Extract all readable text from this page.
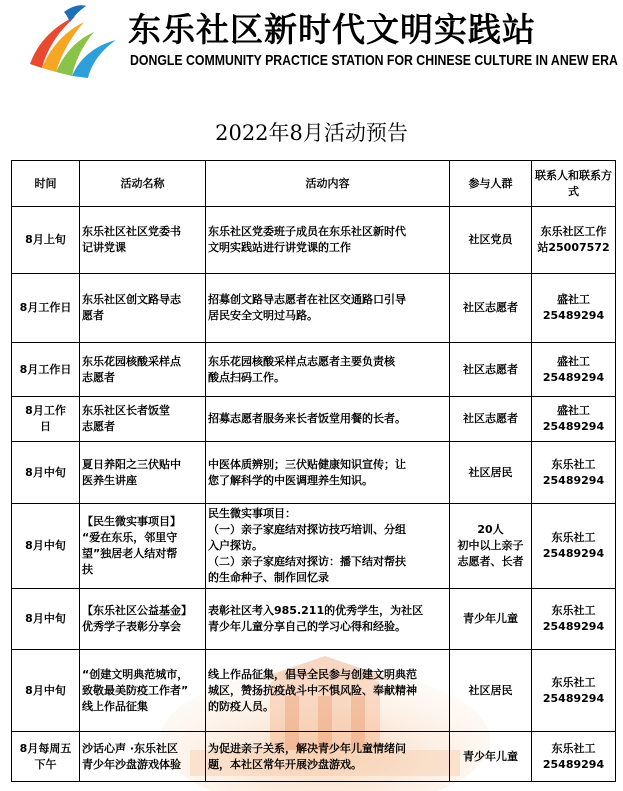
东乐社区新时代文明实践站
DONGLE COMMUNITY PRACTICE STATION FOR CHINESE CULTURE IN ANEW ERA
2022年8月活动预告
时间	活动名称	活动内容	参与人群	联系人和联系方式

8月上旬	东乐社区社区党委书
记讲党课	东乐社区党委班子成员在东乐社区新时代
文明实践站进行讲党课的工作	社区党员	东乐社区工作
站25007572

8月工作日	东乐社区创文路导志
愿者	招募创文路导志愿者在社区交通路口引导
居民安全文明过马路。	社区志愿者	盛社工
25489294

8月工作日	东乐花园核酸采样点
志愿者	东乐花园核酸采样点志愿者主要负责核
酸点扫码工作。	社区志愿者	盛社工
25489294

8月工作
日	东乐社区长者饭堂
志愿者	招募志愿者服务来长者饭堂用餐的长者。	社区志愿者	盛社工
25489294

8月中旬	夏日养阳之三伏贴中
医养生讲座	中医体质辨别；三伏贴健康知识宣传；让
您了解科学的中医调理养生知识。	社区居民	东乐社工
25489294

8月中旬	【民生微实事项目】
“爱在东乐，邻里守
望”独居老人结对帮
扶	民生微实事项目：
（一）亲子家庭结对探访技巧培训、分组
入户探访。
（二）亲子家庭结对探访：播下结对帮扶
的生命种子、制作回忆录	20人
初中以上亲子
志愿者、长者	东乐社工
25489294

8月中旬	【东乐社区公益基金】
优秀学子表彰分享会	表彰社区考入985.211的优秀学生，为社区
青少年儿童分享自己的学习心得和经验。	青少年儿童	东乐社工
25489294

8月中旬	“创建文明典范城市，
致敬最美防疫工作者”
线上作品征集	线上作品征集，倡导全民参与创建文明典范
城区，赞扬抗疫战斗中不惧风险、奉献精神
的防疫人员。	社区居民	东乐社工
25489294

8月每周五
下午	沙话心声 ·东乐社区
青少年沙盘游戏体验	为促进亲子关系，解决青少年儿童情绪问
题，本社区常年开展沙盘游戏。	青少年儿童	东乐社工
25489294
